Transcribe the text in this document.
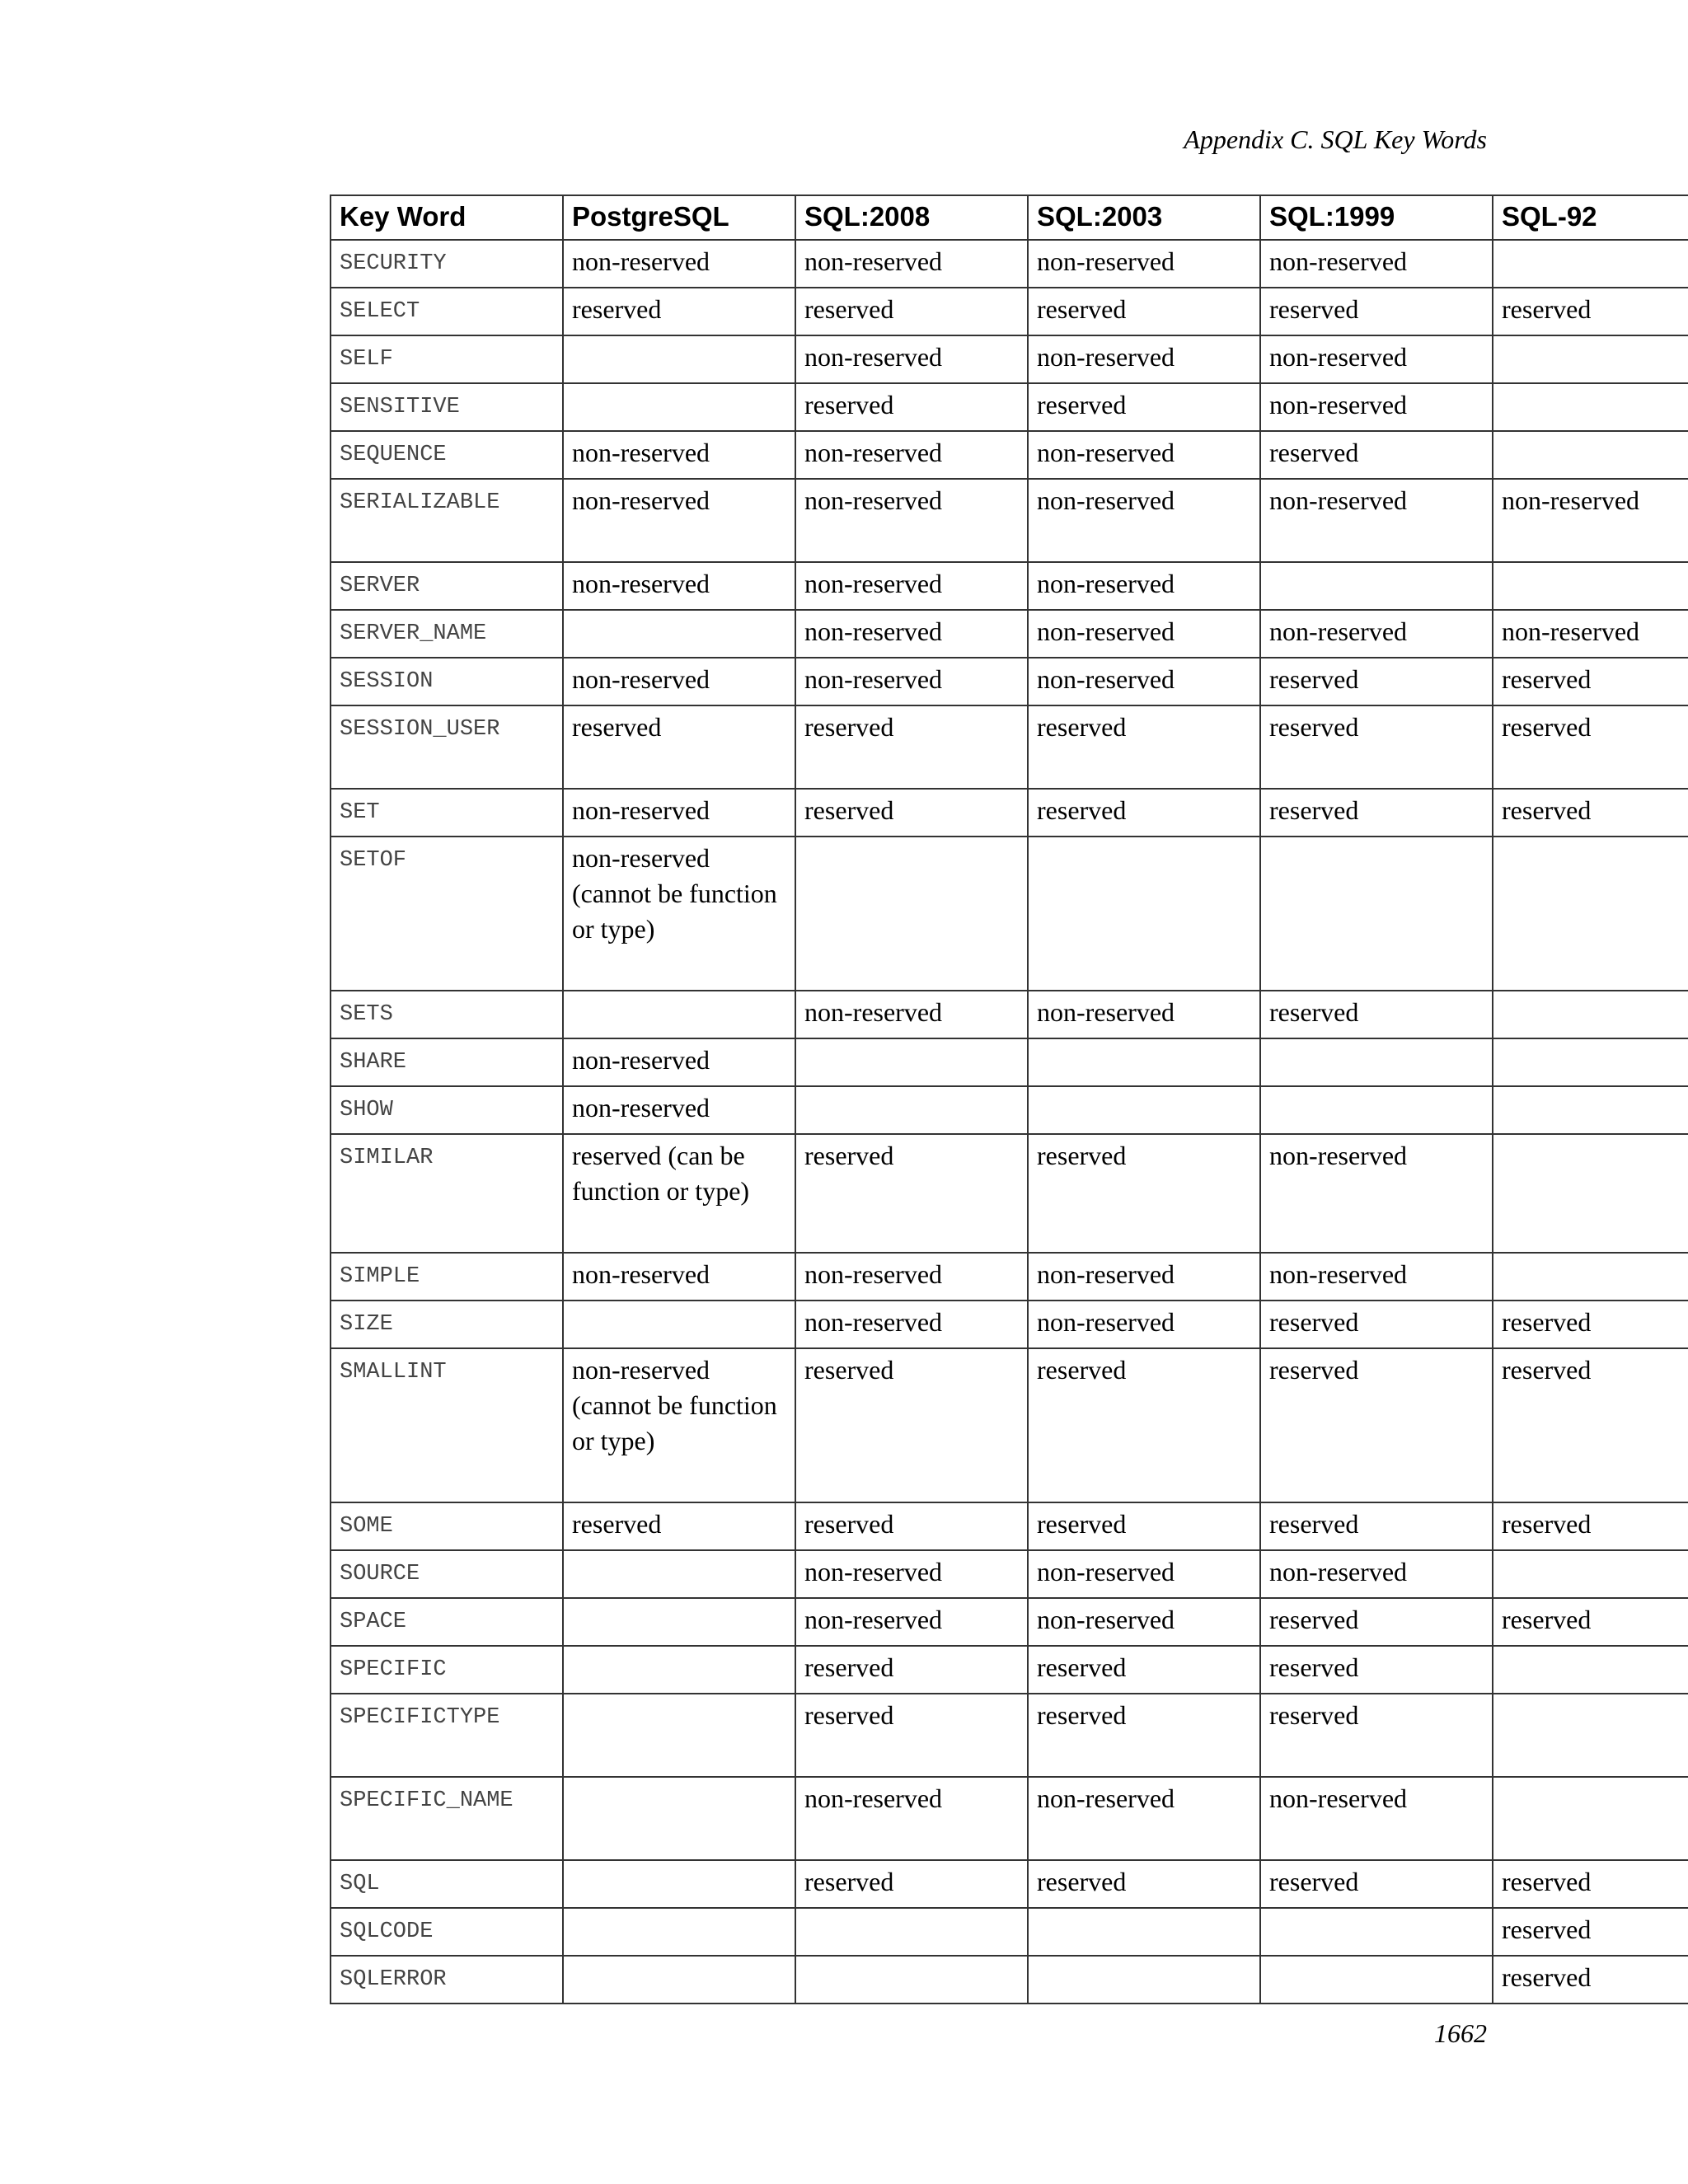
Appendix C. SQL Key Words
Key Word	PostgreSQL	SQL:2008	SQL:2003	SQL:1999	SQL-92
SECURITY	non-reserved	non-reserved	non-reserved	non-reserved	
SELECT	reserved	reserved	reserved	reserved	reserved
SELF		non-reserved	non-reserved	non-reserved	
SENSITIVE		reserved	reserved	non-reserved	
SEQUENCE	non-reserved	non-reserved	non-reserved	reserved	
SERIALIZABLE	non-reserved	non-reserved	non-reserved	non-reserved	non-reserved
SERVER	non-reserved	non-reserved	non-reserved		
SERVER_NAME		non-reserved	non-reserved	non-reserved	non-reserved
SESSION	non-reserved	non-reserved	non-reserved	reserved	reserved
SESSION_USER	reserved	reserved	reserved	reserved	reserved
SET	non-reserved	reserved	reserved	reserved	reserved
SETOF	non-reserved (cannot be function or type)				
SETS		non-reserved	non-reserved	reserved	
SHARE	non-reserved				
SHOW	non-reserved				
SIMILAR	reserved (can be function or type)	reserved	reserved	non-reserved	
SIMPLE	non-reserved	non-reserved	non-reserved	non-reserved	
SIZE		non-reserved	non-reserved	reserved	reserved
SMALLINT	non-reserved (cannot be function or type)	reserved	reserved	reserved	reserved
SOME	reserved	reserved	reserved	reserved	reserved
SOURCE		non-reserved	non-reserved	non-reserved	
SPACE		non-reserved	non-reserved	reserved	reserved
SPECIFIC		reserved	reserved	reserved	
SPECIFICTYPE		reserved	reserved	reserved	
SPECIFIC_NAME		non-reserved	non-reserved	non-reserved	
SQL		reserved	reserved	reserved	reserved
SQLCODE					reserved
SQLERROR					reserved
1662
